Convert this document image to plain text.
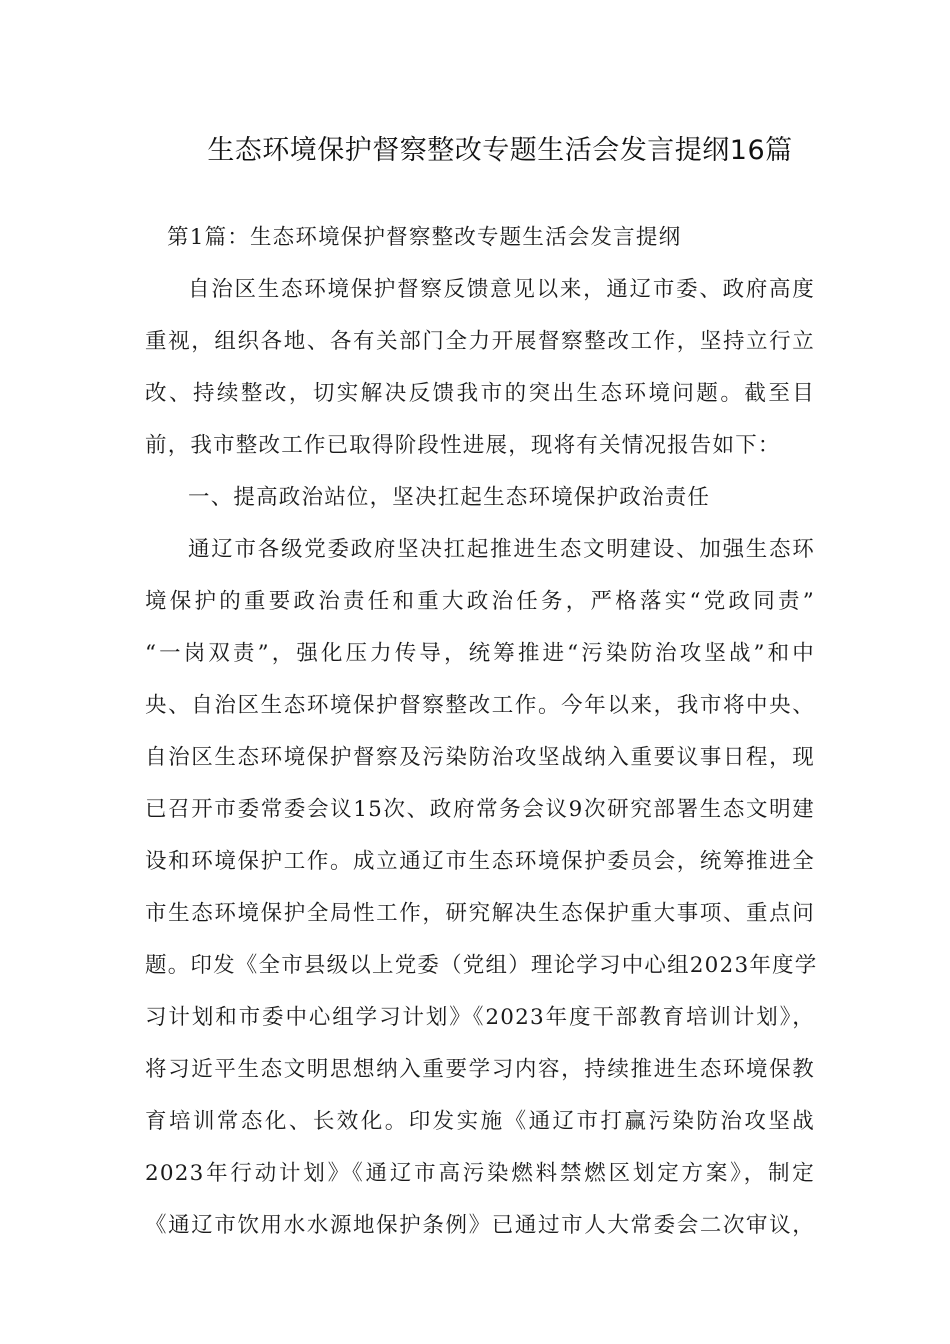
生态环境保护督察整改专题生活会发言提纲16篇
第1篇：生态环境保护督察整改专题生活会发言提纲
自治区生态环境保护督察反馈意见以来，通辽市委、政府高度
重视，组织各地、各有关部门全力开展督察整改工作，坚持立行立
改、持续整改，切实解决反馈我市的突出生态环境问题。截至目
前，我市整改工作已取得阶段性进展，现将有关情况报告如下：
一、提高政治站位，坚决扛起生态环境保护政治责任
通辽市各级党委政府坚决扛起推进生态文明建设、加强生态环
境保护的重要政治责任和重大政治任务，严格落实“党政同责”
“一岗双责”，强化压力传导，统筹推进“污染防治攻坚战”和中
央、自治区生态环境保护督察整改工作。今年以来，我市将中央、
自治区生态环境保护督察及污染防治攻坚战纳入重要议事日程，现
已召开市委常委会议15次、政府常务会议9次研究部署生态文明建
设和环境保护工作。成立通辽市生态环境保护委员会，统筹推进全
市生态环境保护全局性工作，研究解决生态保护重大事项、重点问
题。印发《全市县级以上党委（党组）理论学习中心组2023年度学
习计划和市委中心组学习计划》《2023年度干部教育培训计划》，
将习近平生态文明思想纳入重要学习内容，持续推进生态环境保教
育培训常态化、长效化。印发实施《通辽市打赢污染防治攻坚战
2023年行动计划》《通辽市高污染燃料禁燃区划定方案》，制定
《通辽市饮用水水源地保护条例》已通过市人大常委会二次审议，
